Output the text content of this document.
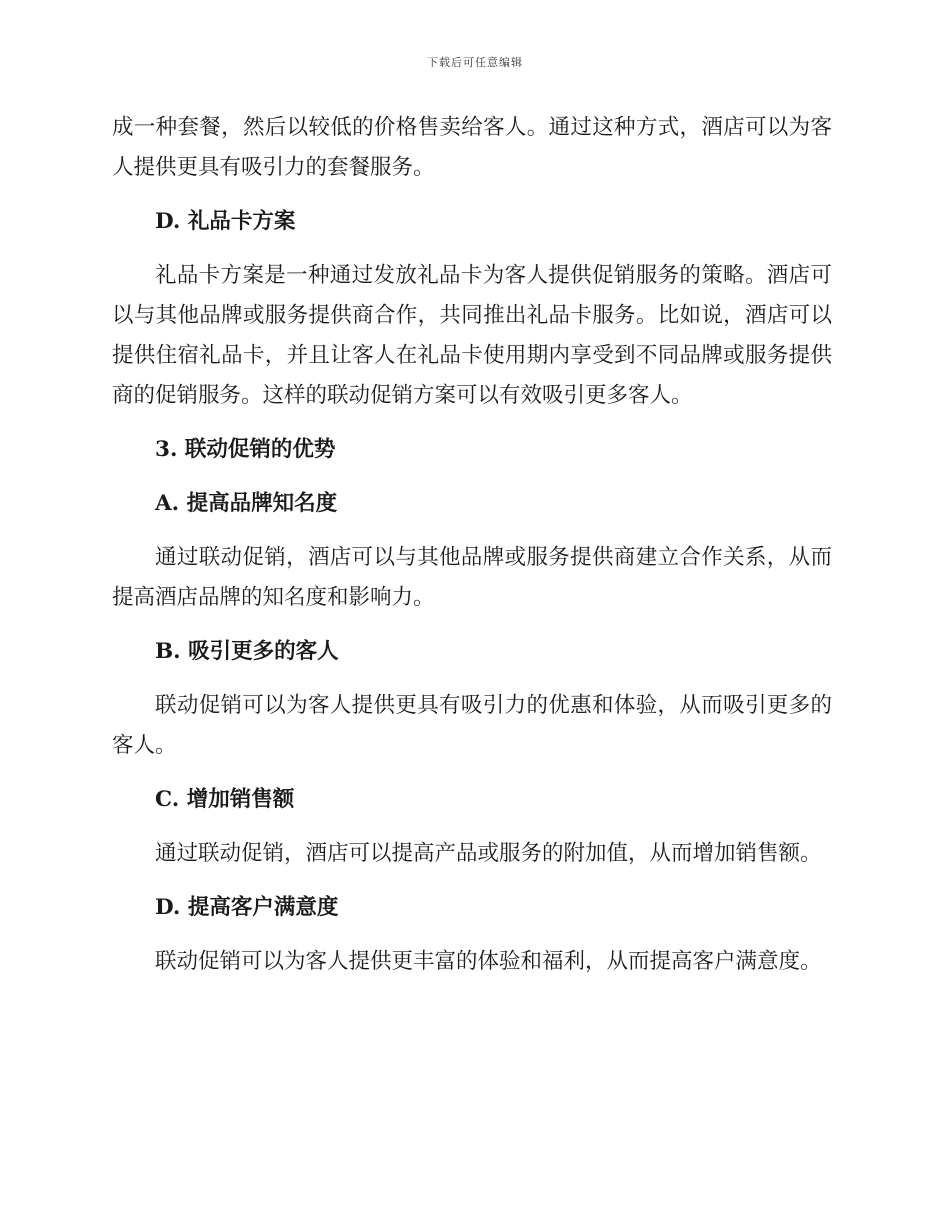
下载后可任意编辑

成一种套餐，然后以较低的价格售卖给客人。通过这种方式，酒店可以为客人提供更具有吸引力的套餐服务。

D. 礼品卡方案

礼品卡方案是一种通过发放礼品卡为客人提供促销服务的策略。酒店可以与其他品牌或服务提供商合作，共同推出礼品卡服务。比如说，酒店可以提供住宿礼品卡，并且让客人在礼品卡使用期内享受到不同品牌或服务提供商的促销服务。这样的联动促销方案可以有效吸引更多客人。

3. 联动促销的优势
A. 提高品牌知名度

通过联动促销，酒店可以与其他品牌或服务提供商建立合作关系，从而提高酒店品牌的知名度和影响力。

B. 吸引更多的客人

联动促销可以为客人提供更具有吸引力的优惠和体验，从而吸引更多的客人。

C. 增加销售额

通过联动促销，酒店可以提高产品或服务的附加值，从而增加销售额。

D. 提高客户满意度

联动促销可以为客人提供更丰富的体验和福利，从而提高客户满意度。
